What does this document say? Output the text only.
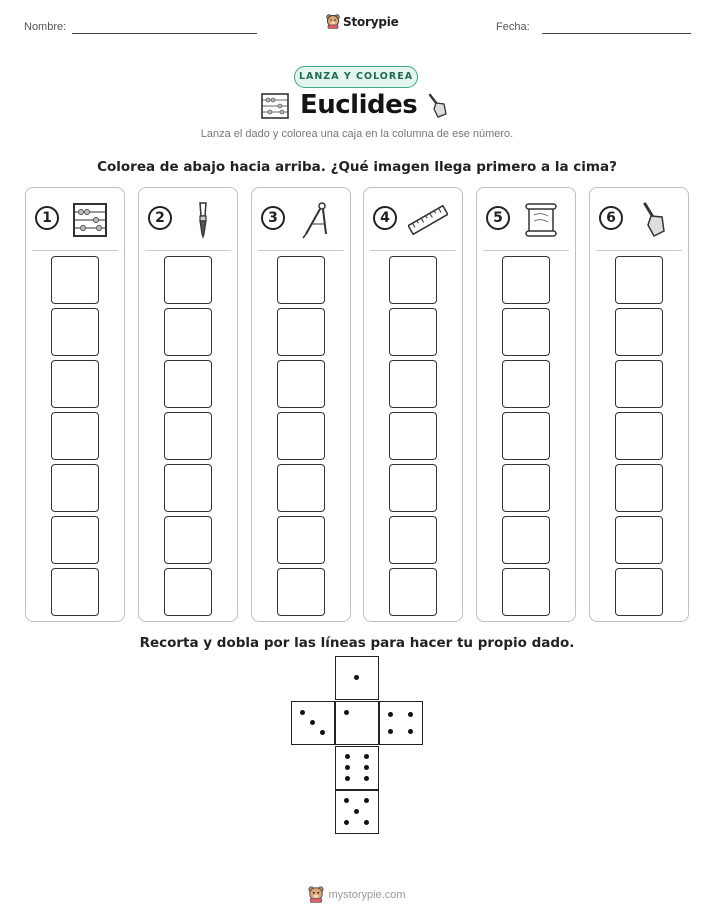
Nombre:	Storypie	Fecha:
LANZA Y COLOREA
Euclides
Lanza el dado y colorea una caja en la columna de ese número.
Colorea de abajo hacia arriba. ¿Qué imagen llega primero a la cima?
1	2	3	4	5	6
Recorta y dobla por las líneas para hacer tu propio dado.
mystorypie.com
